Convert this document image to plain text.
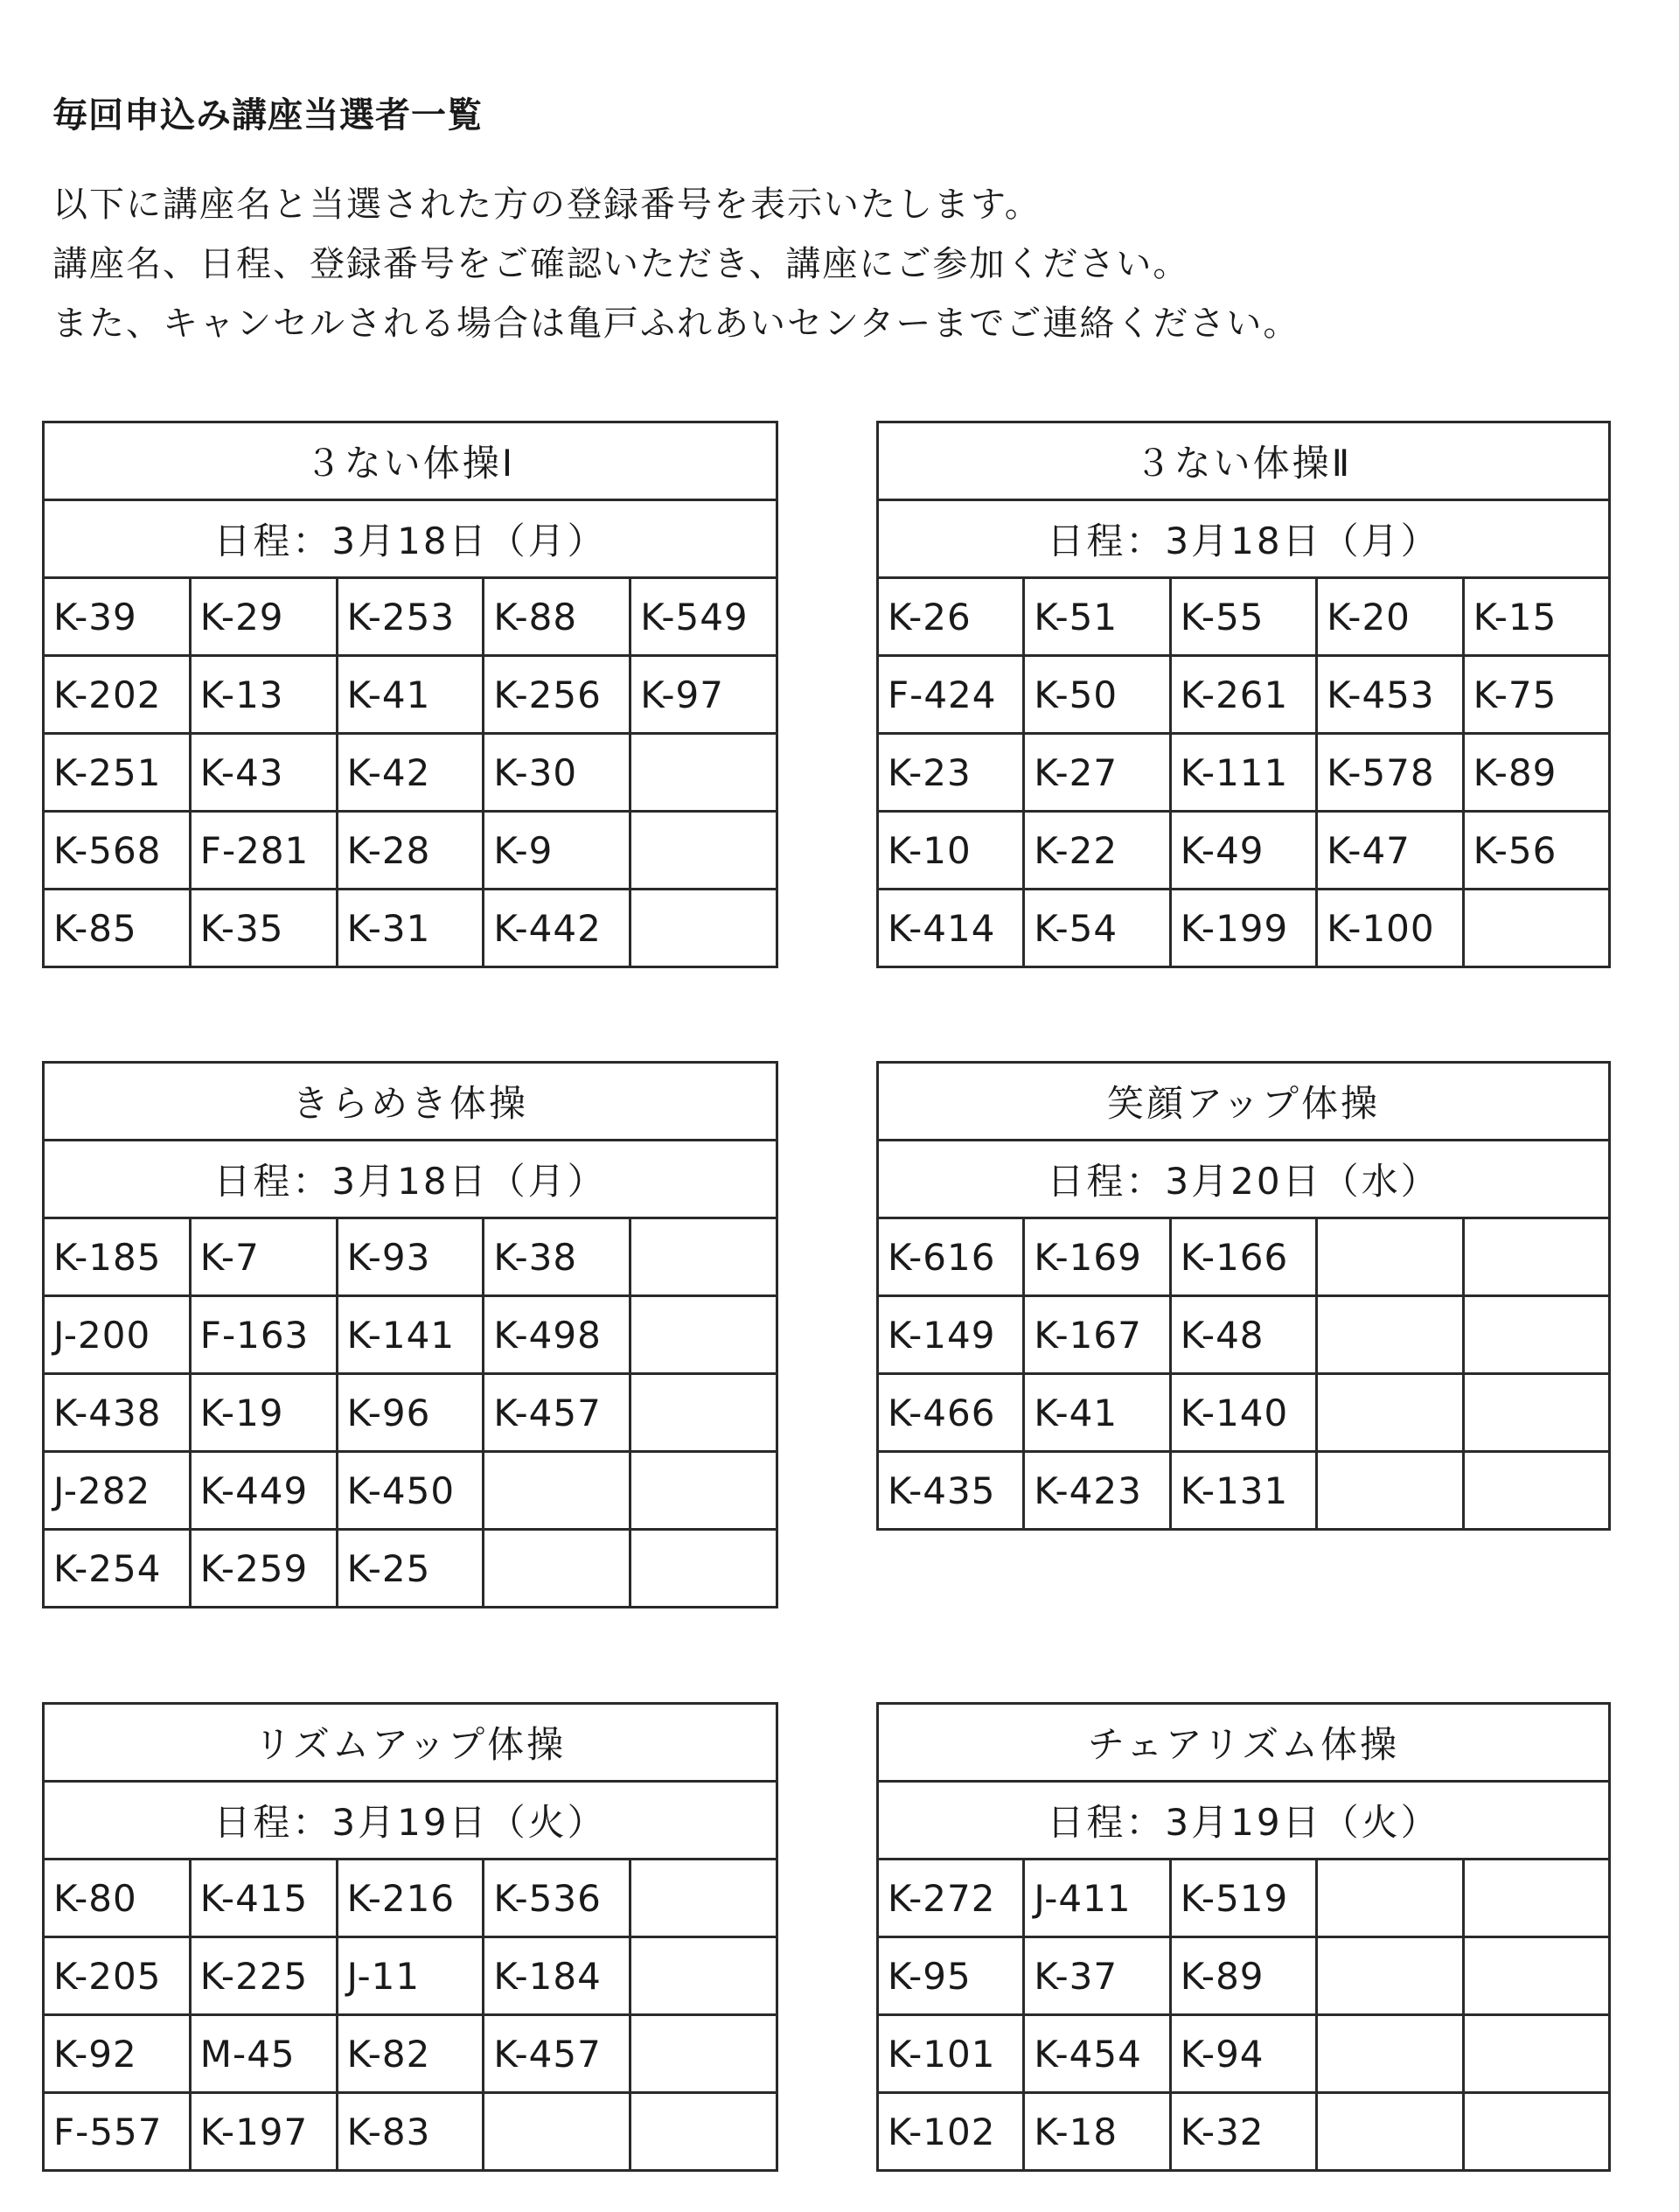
毎回申込み講座当選者一覧
以下に講座名と当選された方の登録番号を表示いたします。
講座名、日程、登録番号をご確認いただき、講座にご参加ください。
また、キャンセルされる場合は亀戸ふれあいセンターまでご連絡ください。
３ない体操Ⅰ				
日程：3月18日（月）				
K-39	K-29	K-253	K-88	K-549
K-202	K-13	K-41	K-256	K-97
K-251	K-43	K-42	K-30	
K-568	F-281	K-28	K-9	
K-85	K-35	K-31	K-442	
３ない体操Ⅱ				
日程：3月18日（月）				
K-26	K-51	K-55	K-20	K-15
F-424	K-50	K-261	K-453	K-75
K-23	K-27	K-111	K-578	K-89
K-10	K-22	K-49	K-47	K-56
K-414	K-54	K-199	K-100	
きらめき体操				
日程：3月18日（月）				
K-185	K-7	K-93	K-38	
J-200	F-163	K-141	K-498	
K-438	K-19	K-96	K-457	
J-282	K-449	K-450		
K-254	K-259	K-25		
笑顔アップ体操				
日程：3月20日（水）				
K-616	K-169	K-166		
K-149	K-167	K-48		
K-466	K-41	K-140		
K-435	K-423	K-131		
リズムアップ体操				
日程：3月19日（火）				
K-80	K-415	K-216	K-536	
K-205	K-225	J-11	K-184	
K-92	M-45	K-82	K-457	
F-557	K-197	K-83		
チェアリズム体操				
日程：3月19日（火）				
K-272	J-411	K-519		
K-95	K-37	K-89		
K-101	K-454	K-94		
K-102	K-18	K-32		
